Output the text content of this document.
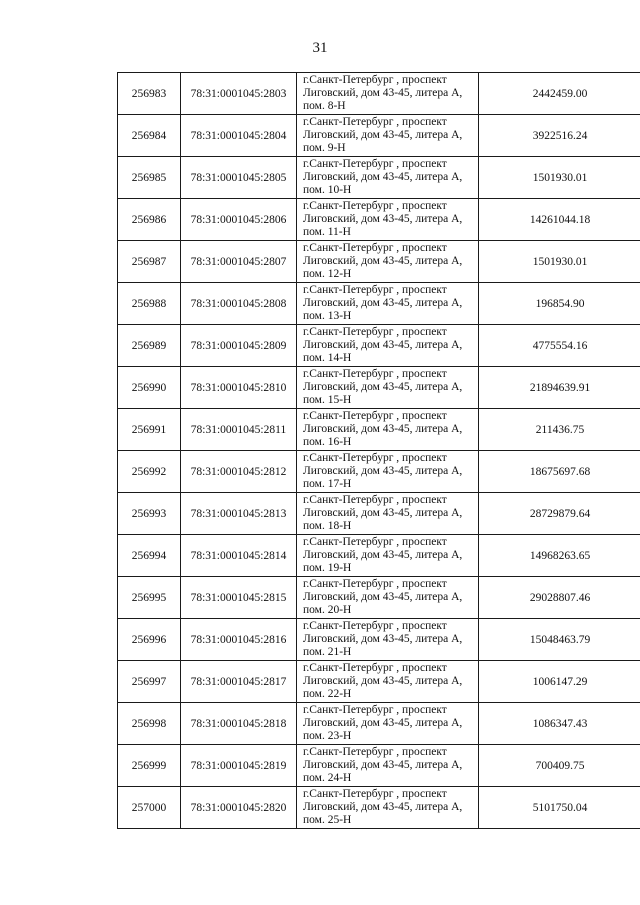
31
256983	78:31:0001045:2803	г.Санкт-Петербург , проспект
Лиговский, дом 43-45, литера А,
пом. 8-Н	2442459.00
256984	78:31:0001045:2804	г.Санкт-Петербург , проспект
Лиговский, дом 43-45, литера А,
пом. 9-Н	3922516.24
256985	78:31:0001045:2805	г.Санкт-Петербург , проспект
Лиговский, дом 43-45, литера А,
пом. 10-Н	1501930.01
256986	78:31:0001045:2806	г.Санкт-Петербург , проспект
Лиговский, дом 43-45, литера А,
пом. 11-Н	14261044.18
256987	78:31:0001045:2807	г.Санкт-Петербург , проспект
Лиговский, дом 43-45, литера А,
пом. 12-Н	1501930.01
256988	78:31:0001045:2808	г.Санкт-Петербург , проспект
Лиговский, дом 43-45, литера А,
пом. 13-Н	196854.90
256989	78:31:0001045:2809	г.Санкт-Петербург , проспект
Лиговский, дом 43-45, литера А,
пом. 14-Н	4775554.16
256990	78:31:0001045:2810	г.Санкт-Петербург , проспект
Лиговский, дом 43-45, литера А,
пом. 15-Н	21894639.91
256991	78:31:0001045:2811	г.Санкт-Петербург , проспект
Лиговский, дом 43-45, литера А,
пом. 16-Н	211436.75
256992	78:31:0001045:2812	г.Санкт-Петербург , проспект
Лиговский, дом 43-45, литера А,
пом. 17-Н	18675697.68
256993	78:31:0001045:2813	г.Санкт-Петербург , проспект
Лиговский, дом 43-45, литера А,
пом. 18-Н	28729879.64
256994	78:31:0001045:2814	г.Санкт-Петербург , проспект
Лиговский, дом 43-45, литера А,
пом. 19-Н	14968263.65
256995	78:31:0001045:2815	г.Санкт-Петербург , проспект
Лиговский, дом 43-45, литера А,
пом. 20-Н	29028807.46
256996	78:31:0001045:2816	г.Санкт-Петербург , проспект
Лиговский, дом 43-45, литера А,
пом. 21-Н	15048463.79
256997	78:31:0001045:2817	г.Санкт-Петербург , проспект
Лиговский, дом 43-45, литера А,
пом. 22-Н	1006147.29
256998	78:31:0001045:2818	г.Санкт-Петербург , проспект
Лиговский, дом 43-45, литера А,
пом. 23-Н	1086347.43
256999	78:31:0001045:2819	г.Санкт-Петербург , проспект
Лиговский, дом 43-45, литера А,
пом. 24-Н	700409.75
257000	78:31:0001045:2820	г.Санкт-Петербург , проспект
Лиговский, дом 43-45, литера А,
пом. 25-Н	5101750.04
